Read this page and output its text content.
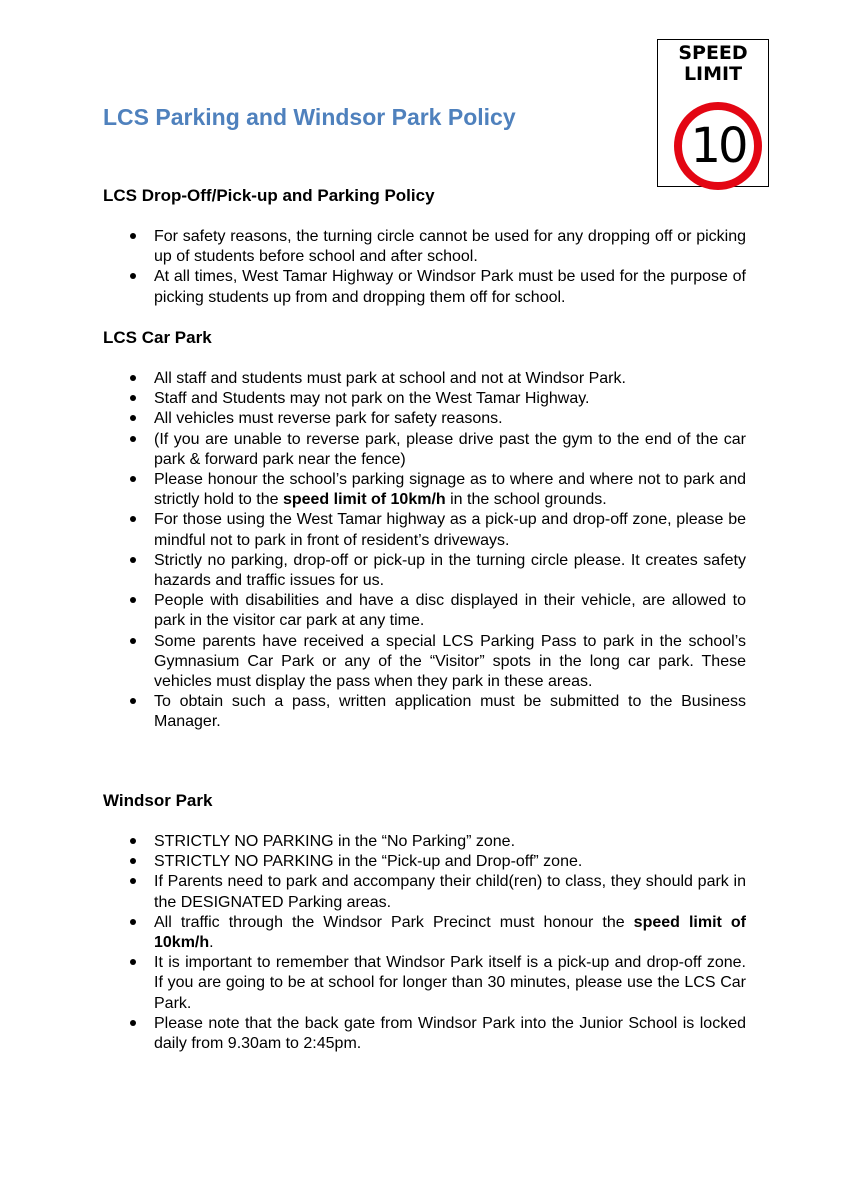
LCS Parking and Windsor Park Policy
SPEED
LIMIT
10
LCS Drop-Off/Pick-up and Parking Policy
For safety reasons, the turning circle cannot be used for any dropping off or picking up of students before school and after school.
At all times, West Tamar Highway or Windsor Park must be used for the purpose of picking students up from and dropping them off for school.
LCS Car Park
All staff and students must park at school and not at Windsor Park.
Staff and Students may not park on the West Tamar Highway.
All vehicles must reverse park for safety reasons.
(If you are unable to reverse park, please drive past the gym to the end of the car park & forward park near the fence)
Please honour the school’s parking signage as to where and where not to park and strictly hold to the speed limit of 10km/h in the school grounds.
For those using the West Tamar highway as a pick-up and drop-off zone, please be mindful not to park in front of resident’s driveways.
Strictly no parking, drop-off or pick-up in the turning circle please. It creates safety hazards and traffic issues for us.
People with disabilities and have a disc displayed in their vehicle, are allowed to park in the visitor car park at any time.
Some parents have received a special LCS Parking Pass to park in the school’s Gymnasium Car Park or any of the “Visitor” spots in the long car park. These vehicles must display the pass when they park in these areas.
To obtain such a pass, written application must be submitted to the Business Manager.
Windsor Park
STRICTLY NO PARKING in the “No Parking” zone.
STRICTLY NO PARKING in the “Pick-up and Drop-off” zone.
If Parents need to park and accompany their child(ren) to class, they should park in the DESIGNATED Parking areas.
All traffic through the Windsor Park Precinct must honour the speed limit of 10km/h.
It is important to remember that Windsor Park itself is a pick-up and drop-off zone. If you are going to be at school for longer than 30 minutes, please use the LCS Car Park.
Please note that the back gate from Windsor Park into the Junior School is locked daily from 9.30am to 2:45pm.
